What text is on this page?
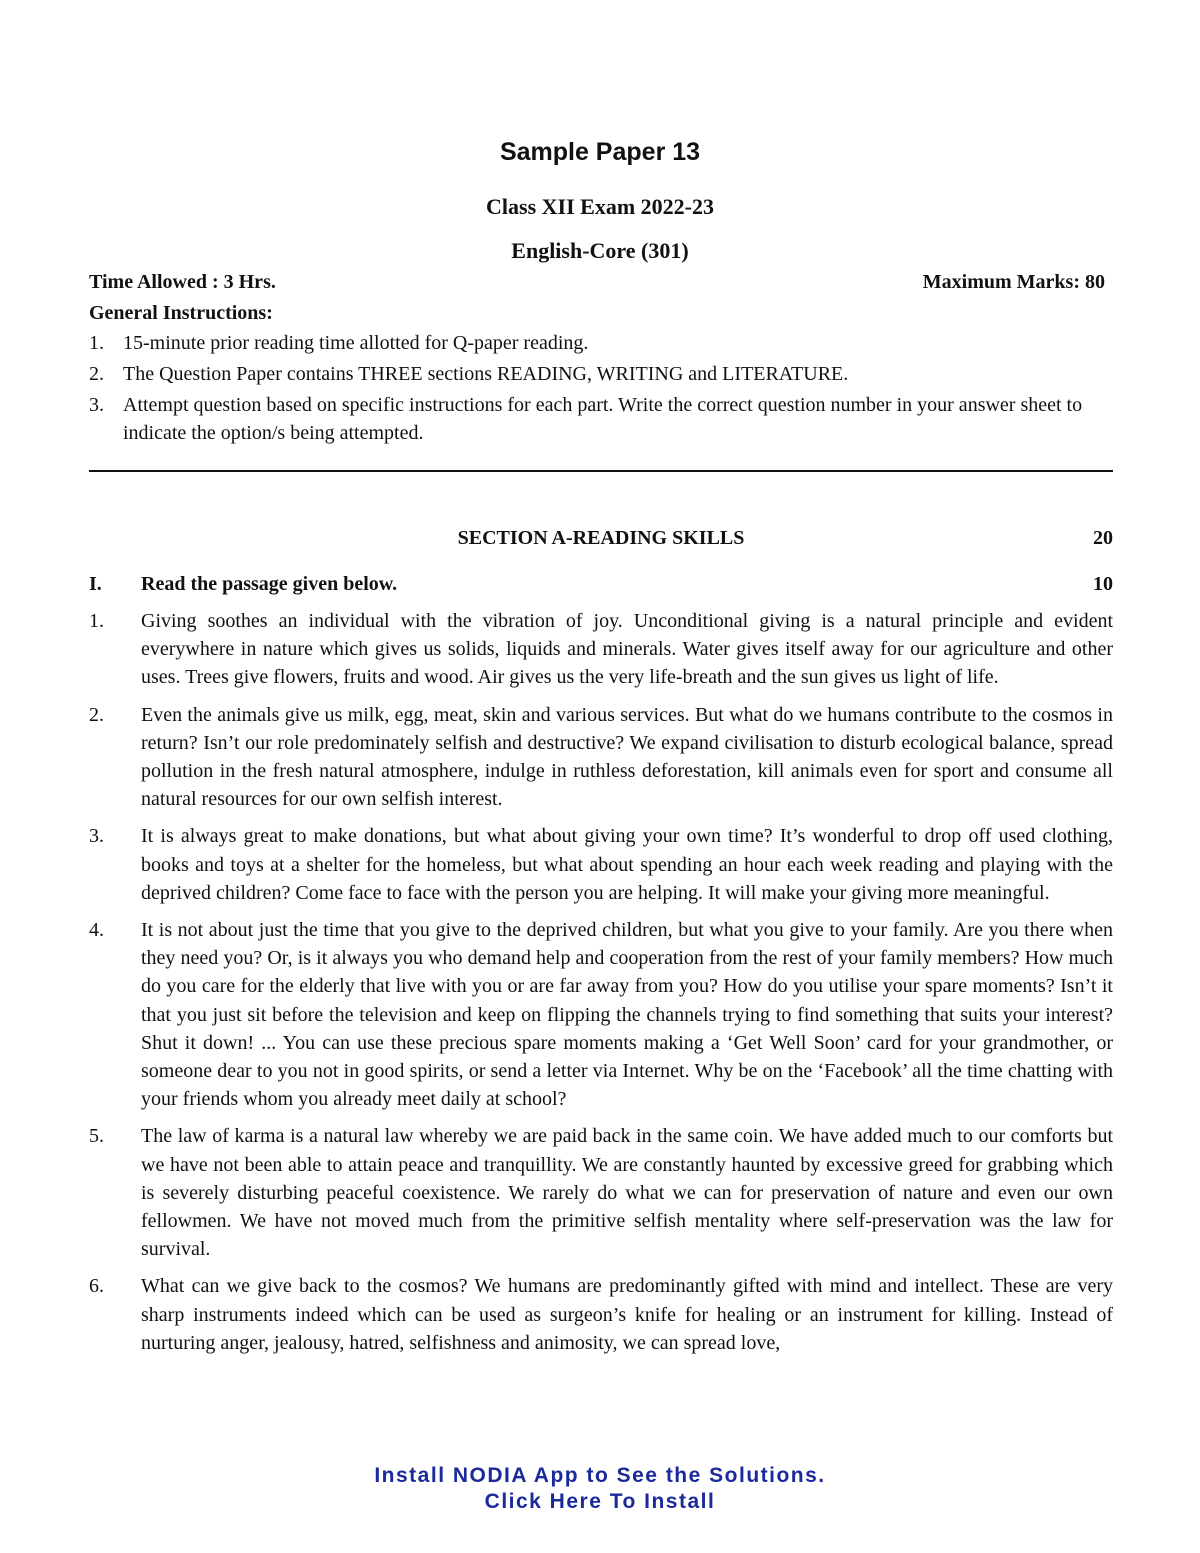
Sample Paper 13
Class XII Exam 2022-23
English-Core (301)
Time Allowed : 3 Hrs.	Maximum Marks: 80
General Instructions:
1. 15-minute prior reading time allotted for Q-paper reading.
2. The Question Paper contains THREE sections READING, WRITING and LITERATURE.
3. Attempt question based on specific instructions for each part. Write the correct question number in your answer sheet to indicate the option/s being attempted.
SECTION A-READING SKILLS	20
I.	Read the passage given below.	10
1.	Giving soothes an individual with the vibration of joy. Unconditional giving is a natural principle and evident everywhere in nature which gives us solids, liquids and minerals. Water gives itself away for our agriculture and other uses. Trees give flowers, fruits and wood. Air gives us the very life-breath and the sun gives us light of life.
2.	Even the animals give us milk, egg, meat, skin and various services. But what do we humans contribute to the cosmos in return? Isn’t our role predominately selfish and destructive? We expand civilisation to disturb ecological balance, spread pollution in the fresh natural atmosphere, indulge in ruthless deforestation, kill animals even for sport and consume all natural resources for our own selfish interest.
3.	It is always great to make donations, but what about giving your own time? It’s wonderful to drop off used clothing, books and toys at a shelter for the homeless, but what about spending an hour each week reading and playing with the deprived children? Come face to face with the person you are helping. It will make your giving more meaningful.
4.	It is not about just the time that you give to the deprived children, but what you give to your family. Are you there when they need you? Or, is it always you who demand help and cooperation from the rest of your family members? How much do you care for the elderly that live with you or are far away from you? How do you utilise your spare moments? Isn’t it that you just sit before the television and keep on flipping the channels trying to find something that suits your interest? Shut it down! ... You can use these precious spare moments making a ‘Get Well Soon’ card for your grandmother, or someone dear to you not in good spirits, or send a letter via Internet. Why be on the ‘Facebook’ all the time chatting with your friends whom you already meet daily at school?
5.	The law of karma is a natural law whereby we are paid back in the same coin. We have added much to our comforts but we have not been able to attain peace and tranquillity. We are constantly haunted by excessive greed for grabbing which is severely disturbing peaceful coexistence. We rarely do what we can for preservation of nature and even our own fellowmen. We have not moved much from the primitive selfish mentality where self-preservation was the law for survival.
6.	What can we give back to the cosmos? We humans are predominantly gifted with mind and intellect. These are very sharp instruments indeed which can be used as surgeon’s knife for healing or an instrument for killing. Instead of nurturing anger, jealousy, hatred, selfishness and animosity, we can spread love,
Install NODIA App to See the Solutions.
Click Here To Install
